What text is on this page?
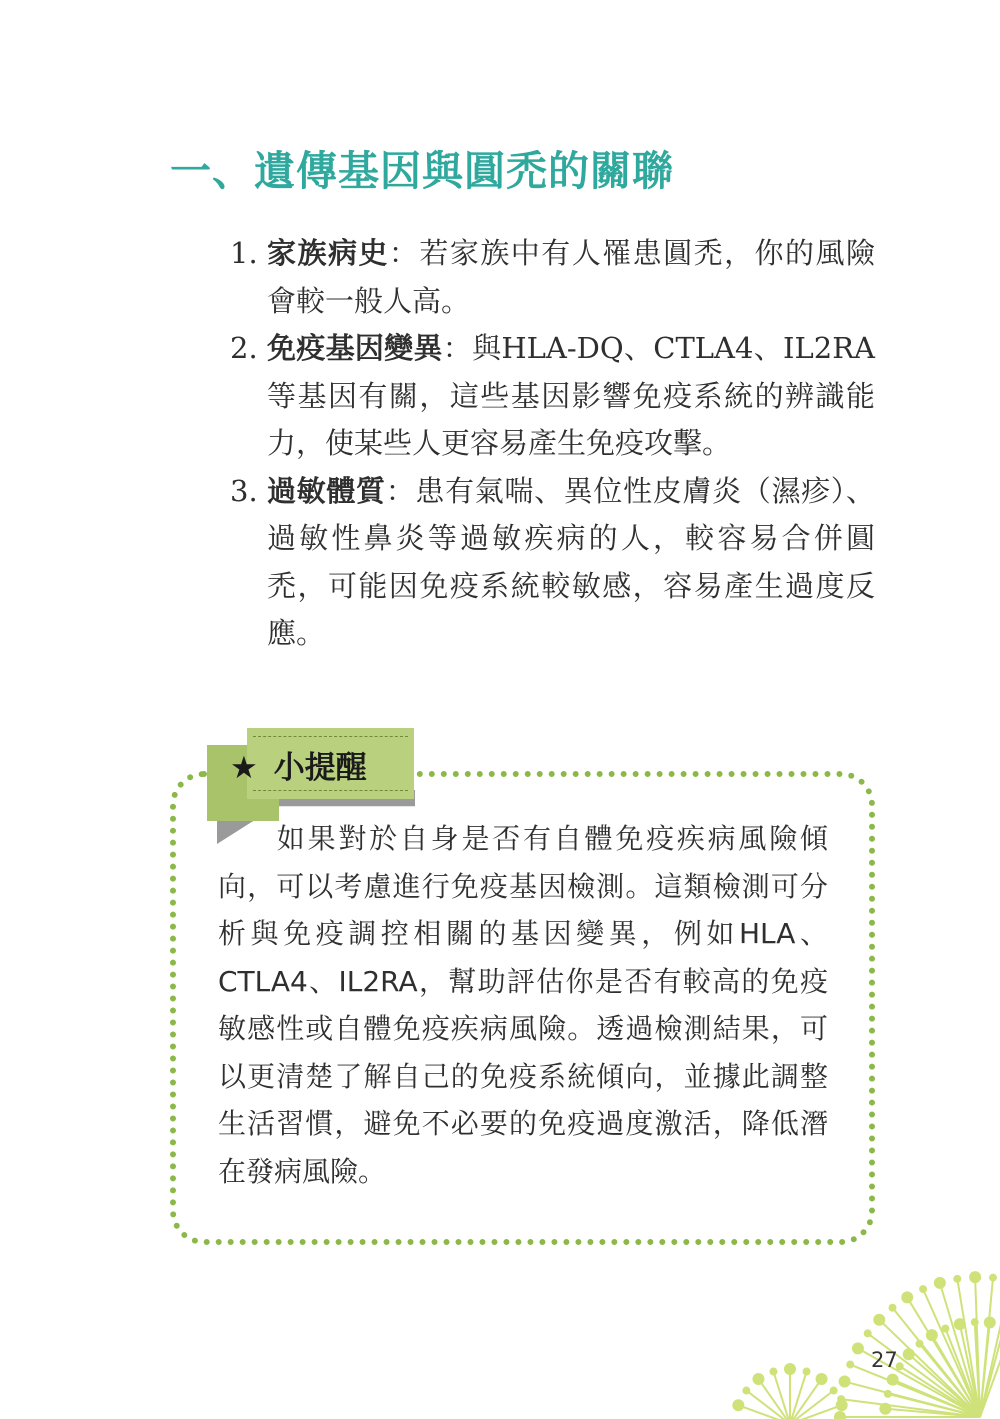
一、遺傳基因與圓禿的關聯
1. 家族病史：若家族中有人罹患圓禿，你的風險會較一般人高。
2. 免疫基因變異：與HLA-DQ、CTLA4、IL2RA等基因有關，這些基因影響免疫系統的辨識能力，使某些人更容易產生免疫攻擊。
3. 過敏體質：患有氣喘、異位性皮膚炎（濕疹）、過敏性鼻炎等過敏疾病的人，較容易合併圓禿，可能因免疫系統較敏感，容易產生過度反應。
★ 小提醒
如果對於自身是否有自體免疫疾病風險傾向，可以考慮進行免疫基因檢測。這類檢測可分析與免疫調控相關的基因變異，例如HLA、CTLA4、IL2RA，幫助評估你是否有較高的免疫敏感性或自體免疫疾病風險。透過檢測結果，可以更清楚了解自己的免疫系統傾向，並據此調整生活習慣，避免不必要的免疫過度激活，降低潛在發病風險。
27
